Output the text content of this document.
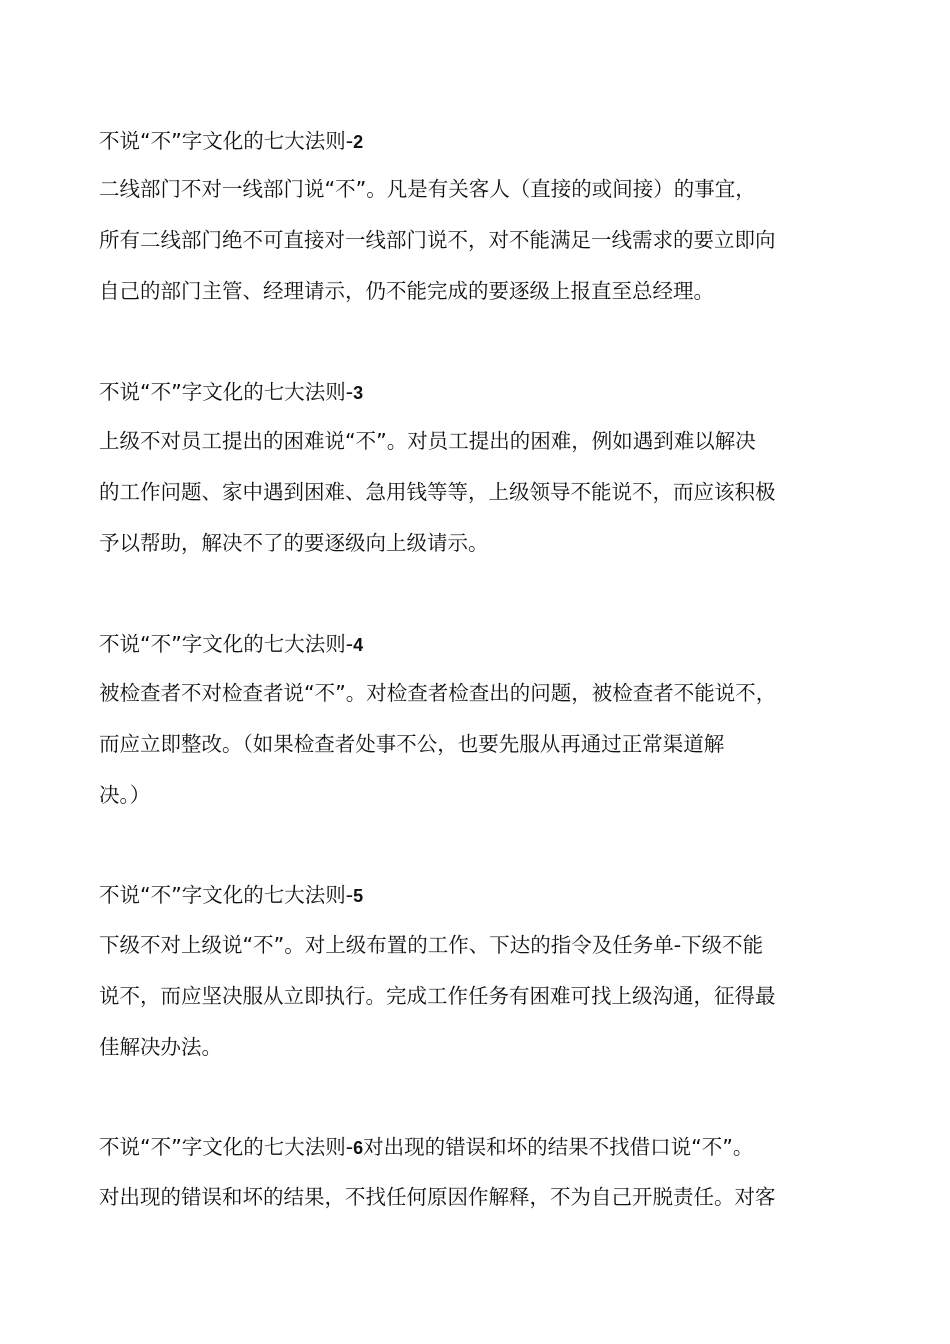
不说“不”字文化的七大法则-2
二线部门不对一线部门说“不”。凡是有关客人（直接的或间接）的事宜，
所有二线部门绝不可直接对一线部门说不，对不能满足一线需求的要立即向
自己的部门主管、经理请示，仍不能完成的要逐级上报直至总经理。
不说“不”字文化的七大法则-3
上级不对员工提出的困难说“不”。对员工提出的困难，例如遇到难以解决
的工作问题、家中遇到困难、急用钱等等，上级领导不能说不，而应该积极
予以帮助，解决不了的要逐级向上级请示。
不说“不”字文化的七大法则-4
被检查者不对检查者说“不”。对检查者检查出的问题，被检查者不能说不，
而应立即整改。（如果检查者处事不公，也要先服从再通过正常渠道解
决。）
不说“不”字文化的七大法则-5
下级不对上级说“不”。对上级布置的工作、下达的指令及任务单-下级不能
说不，而应坚决服从立即执行。完成工作任务有困难可找上级沟通，征得最
佳解决办法。
不说“不”字文化的七大法则-6对出现的错误和坏的结果不找借口说“不”。
对出现的错误和坏的结果，不找任何原因作解释，不为自己开脱责任。对客
